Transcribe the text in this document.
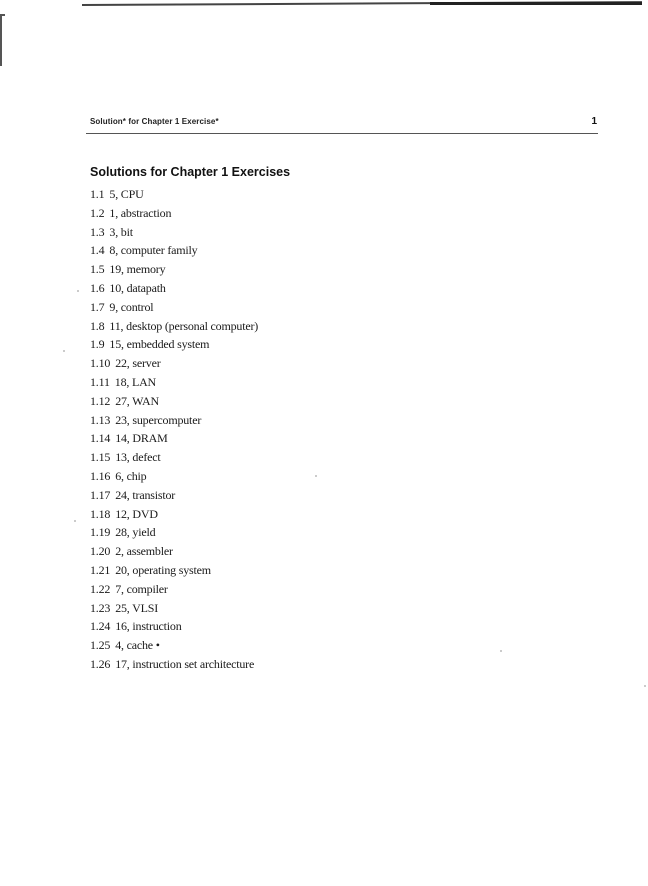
Solution* for Chapter 1 Exercise*	1
Solutions for Chapter 1 Exercises
1.1 5, CPU
1.2 1, abstraction
1.3 3, bit
1.4 8, computer family
1.5 19, memory
1.6 10, datapath
1.7 9, control
1.8 11, desktop (personal computer)
1.9 15, embedded system
1.10 22, server
1.11 18, LAN
1.12 27, WAN
1.13 23, supercomputer
1.14 14, DRAM
1.15 13, defect
1.16 6, chip
1.17 24, transistor
1.18 12, DVD
1.19 28, yield
1.20 2, assembler
1.21 20, operating system
1.22 7, compiler
1.23 25, VLSI
1.24 16, instruction
1.25 4, cache •
1.26 17, instruction set architecture
